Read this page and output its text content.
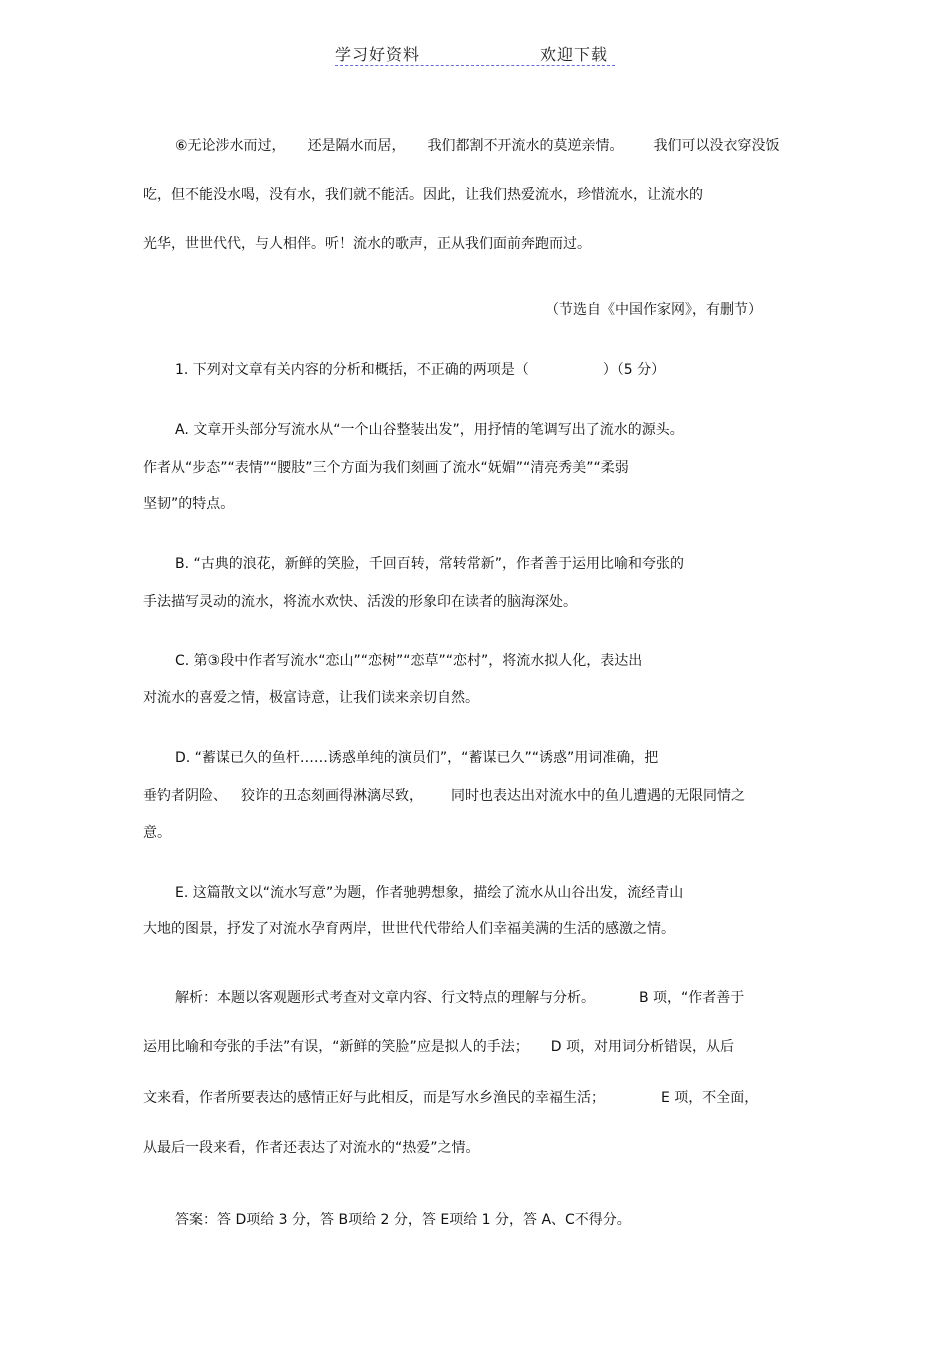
学习好资料	欢迎下载
⑥无论涉水而过， 还是隔水而居， 我们都割不开流水的莫逆亲情。 我们可以没衣穿没饭
吃，但不能没水喝，没有水，我们就不能活。因此，让我们热爱流水，珍惜流水，让流水的
光华，世世代代，与人相伴。听！流水的歌声，正从我们面前奔跑而过。
（节选自《中国作家网》，有删节）
1. 下列对文章有关内容的分析和概括，不正确的两项是（	）（5 分）
A. 文章开头部分写流水从“一个山谷整装出发”，用抒情的笔调写出了流水的源头。
作者从“步态”“表情”“腰肢”三个方面为我们刻画了流水“妩媚”“清亮秀美”“柔弱
坚韧”的特点。
B. “古典的浪花，新鲜的笑脸，千回百转，常转常新”，作者善于运用比喻和夸张的
手法描写灵动的流水，将流水欢快、活泼的形象印在读者的脑海深处。
C. 第③段中作者写流水“恋山”“恋树”“恋草”“恋村”，将流水拟人化，表达出
对流水的喜爱之情，极富诗意，让我们读来亲切自然。
D. “蓄谋已久的鱼杆……诱惑单纯的演员们”，“蓄谋已久”“诱惑”用词准确，把
垂钓者阴险、 狡诈的丑态刻画得淋漓尽致， 同时也表达出对流水中的鱼儿遭遇的无限同情之
意。
E. 这篇散文以“流水写意”为题，作者驰骋想象，描绘了流水从山谷出发，流经青山
大地的图景，抒发了对流水孕育两岸，世世代代带给人们幸福美满的生活的感激之情。
解析：本题以客观题形式考查对文章内容、行文特点的理解与分析。	B 项，“作者善于
运用比喻和夸张的手法”有误，“新鲜的笑脸”应是拟人的手法； D 项，对用词分析错误，从后
文来看，作者所要表达的感情正好与此相反，而是写水乡渔民的幸福生活；	E 项，不全面，
从最后一段来看，作者还表达了对流水的“热爱”之情。
答案：答 D项给 3 分，答 B项给 2 分，答 E项给 1 分，答 A、C不得分。
